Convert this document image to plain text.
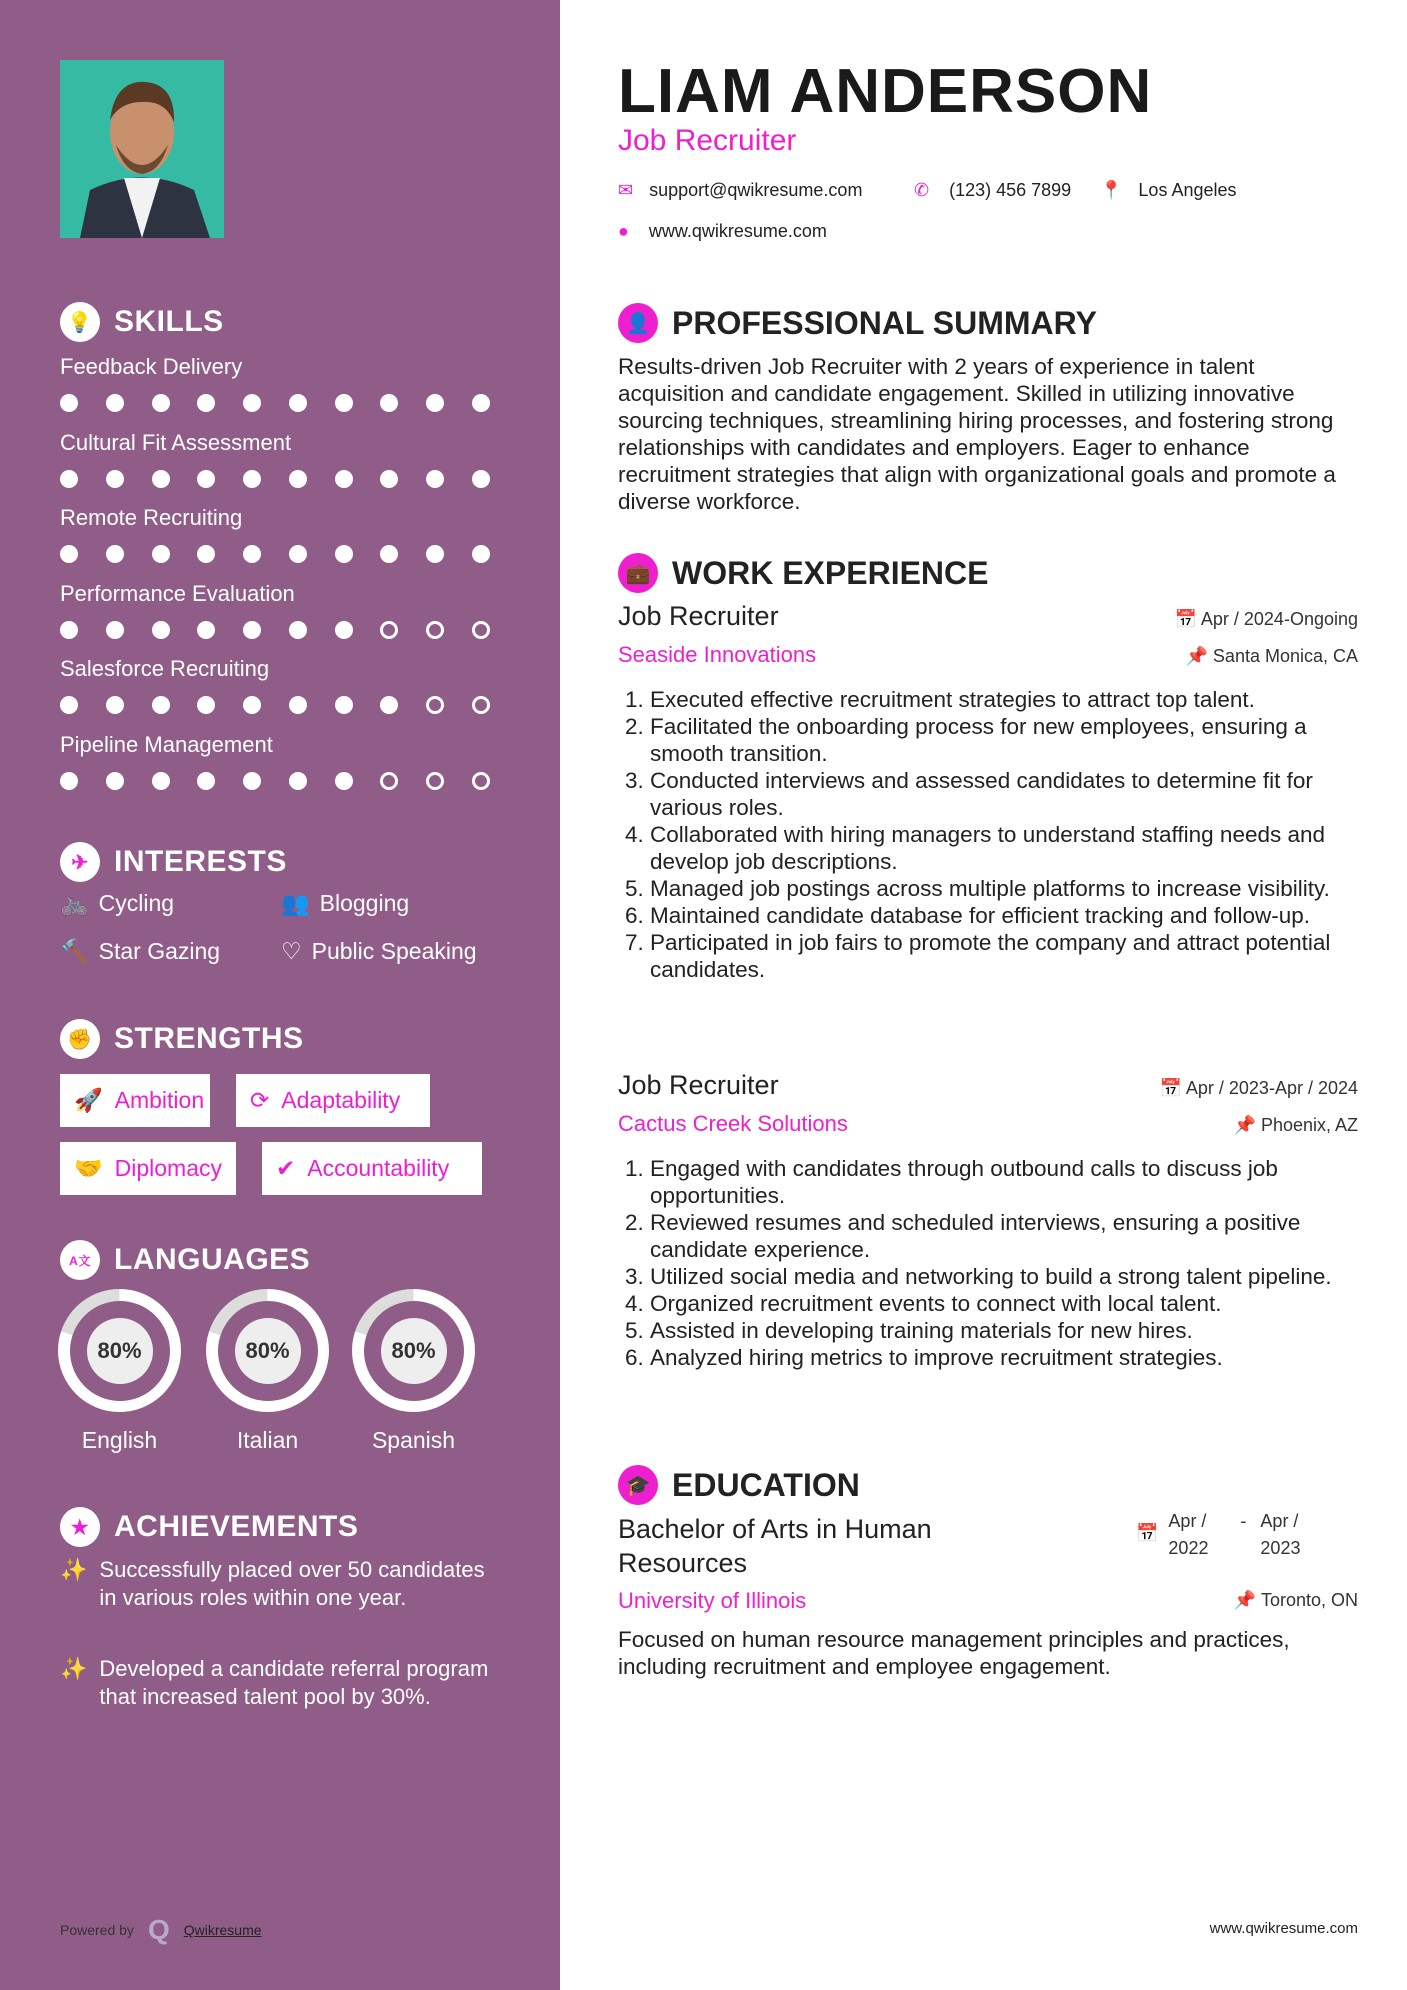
💡 SKILLS
Feedback Delivery
Cultural Fit Assessment
Remote Recruiting
Performance Evaluation
Salesforce Recruiting
Pipeline Management
✈ INTERESTS
🚲 Cycling	👥 Blogging
🔨 Star Gazing	♡ Public Speaking
✊ STRENGTHS
🚀 Ambition ⟳ Adaptability
🤝 Diplomacy ✔ Accountability
A文 LANGUAGES
80%
English
80%
Italian
80%
Spanish
★ ACHIEVEMENTS
✨ Successfully placed over 50 candidates in various roles within one year.
✨ Developed a candidate referral program that increased talent pool by 30%.
Powered by Q Qwikresume
LIAM ANDERSON
Job Recruiter
✉ support@qwikresume.com	✆ (123) 456 7899 📍 Los Angeles
● www.qwikresume.com
👤 PROFESSIONAL SUMMARY
Results-driven Job Recruiter with 2 years of experience in talent acquisition and candidate engagement. Skilled in utilizing innovative sourcing techniques, streamlining hiring processes, and fostering strong relationships with candidates and employers. Eager to enhance recruitment strategies that align with organizational goals and promote a diverse workforce.
💼 WORK EXPERIENCE
Job Recruiter	📅 Apr / 2024-Ongoing
Seaside Innovations	📌 Santa Monica, CA
1. Executed effective recruitment strategies to attract top talent.
2. Facilitated the onboarding process for new employees, ensuring a smooth transition.
3. Conducted interviews and assessed candidates to determine fit for various roles.
4. Collaborated with hiring managers to understand staffing needs and develop job descriptions.
5. Managed job postings across multiple platforms to increase visibility.
6. Maintained candidate database for efficient tracking and follow-up.
7. Participated in job fairs to promote the company and attract potential candidates.
Job Recruiter	📅 Apr / 2023-Apr / 2024
Cactus Creek Solutions	📌 Phoenix, AZ
1. Engaged with candidates through outbound calls to discuss job opportunities.
2. Reviewed resumes and scheduled interviews, ensuring a positive candidate experience.
3. Utilized social media and networking to build a strong talent pipeline.
4. Organized recruitment events to connect with local talent.
5. Assisted in developing training materials for new hires.
6. Analyzed hiring metrics to improve recruitment strategies.
🎓 EDUCATION
Bachelor of Arts in Human Resources
📅
Apr / 2022
- Apr / 2023
University of Illinois	📌 Toronto, ON
Focused on human resource management principles and practices, including recruitment and employee engagement.
www.qwikresume.com
